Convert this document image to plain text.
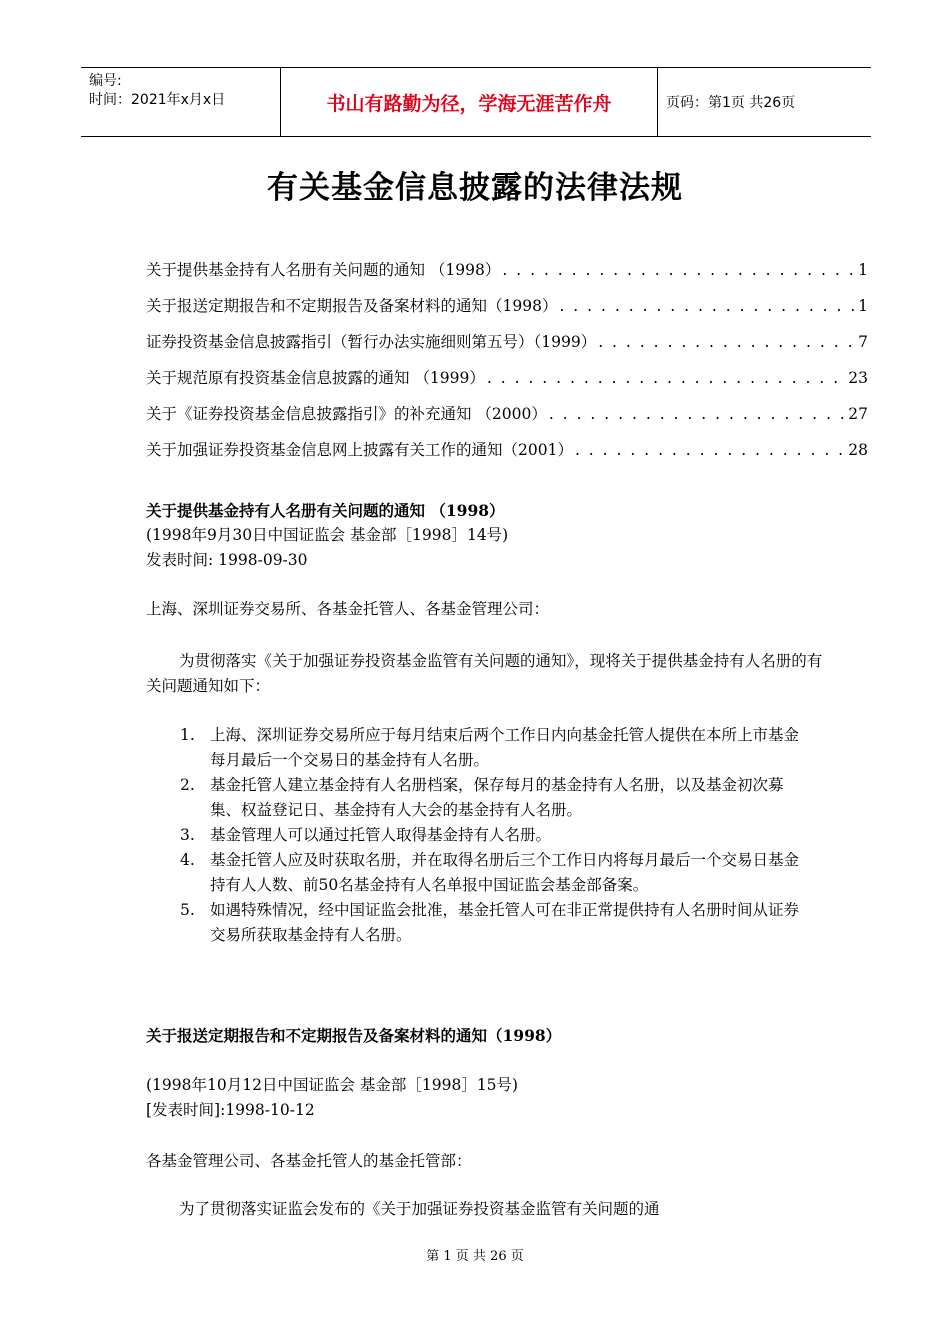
编号:
时间：2021年x月x日	书山有路勤为径，学海无涯苦作舟	页码：第1页 共26页
有关基金信息披露的法律法规
关于提供基金持有人名册有关问题的通知 （1998） . . .	1
关于报送定期报告和不定期报告及备案材料的通知（1998） . . .	1
证券投资基金信息披露指引（暂行办法实施细则第五号）（1999） . . .	7
关于规范原有投资基金信息披露的通知 （1999） . . .	23
关于《证券投资基金信息披露指引》的补充通知 （2000） . . .	27
关于加强证券投资基金信息网上披露有关工作的通知（2001） . . .	28
关于提供基金持有人名册有关问题的通知 （1998）
(1998年9月30日中国证监会 基金部［1998］14号)
发表时间: 1998-09-30
上海、深圳证券交易所、各基金托管人、各基金管理公司：
为贯彻落实《关于加强证券投资基金监管有关问题的通知》，现将关于提供基金持有人名册的有关问题通知如下：
1. 上海、深圳证券交易所应于每月结束后两个工作日内向基金托管人提供在本所上市基金每月最后一个交易日的基金持有人名册。
2. 基金托管人建立基金持有人名册档案，保存每月的基金持有人名册，以及基金初次募集、权益登记日、基金持有人大会的基金持有人名册。
3. 基金管理人可以通过托管人取得基金持有人名册。
4. 基金托管人应及时获取名册，并在取得名册后三个工作日内将每月最后一个交易日基金持有人人数、前50名基金持有人名单报中国证监会基金部备案。
5. 如遇特殊情况，经中国证监会批准，基金托管人可在非正常提供持有人名册时间从证券交易所获取基金持有人名册。
关于报送定期报告和不定期报告及备案材料的通知（1998）
(1998年10月12日中国证监会 基金部［1998］15号)
[发表时间]:1998-10-12
各基金管理公司、各基金托管人的基金托管部：
为了贯彻落实证监会发布的《关于加强证券投资基金监管有关问题的通
第 1 页 共 26 页
